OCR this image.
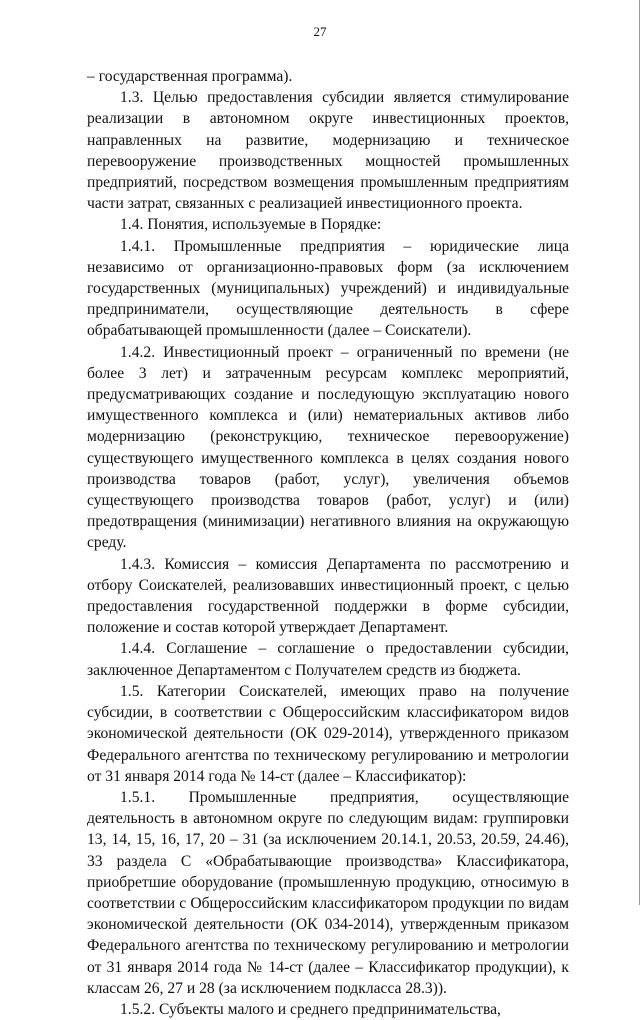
27

– государственная программа).

1.3. Целью предоставления субсидии является стимулирование реализации в автономном округе инвестиционных проектов, направленных на развитие, модернизацию и техническое перевооружение производственных мощностей промышленных предприятий, посредством возмещения промышленным предприятиям части затрат, связанных с реализацией инвестиционного проекта.

1.4. Понятия, используемые в Порядке:

1.4.1. Промышленные предприятия – юридические лица независимо от организационно-правовых форм (за исключением государственных (муниципальных) учреждений) и индивидуальные предприниматели, осуществляющие деятельность в сфере обрабатывающей промышленности (далее – Соискатели).

1.4.2. Инвестиционный проект – ограниченный по времени (не более 3 лет) и затраченным ресурсам комплекс мероприятий, предусматривающих создание и последующую эксплуатацию нового имущественного комплекса и (или) нематериальных активов либо модернизацию (реконструкцию, техническое перевооружение) существующего имущественного комплекса в целях создания нового производства товаров (работ, услуг), увеличения объемов существующего производства товаров (работ, услуг) и (или) предотвращения (минимизации) негативного влияния на окружающую среду.

1.4.3. Комиссия – комиссия Департамента по рассмотрению и отбору Соискателей, реализовавших инвестиционный проект, с целью предоставления государственной поддержки в форме субсидии, положение и состав которой утверждает Департамент.

1.4.4. Соглашение – соглашение о предоставлении субсидии, заключенное Департаментом с Получателем средств из бюджета.

1.5. Категории Соискателей, имеющих право на получение субсидии, в соответствии с Общероссийским классификатором видов экономической деятельности (ОК 029-2014), утвержденного приказом Федерального агентства по техническому регулированию и метрологии от 31 января 2014 года № 14-ст (далее – Классификатор):

1.5.1. Промышленные предприятия, осуществляющие деятельность в автономном округе по следующим видам: группировки 13, 14, 15, 16, 17, 20 – 31 (за исключением 20.14.1, 20.53, 20.59, 24.46), 33 раздела С «Обрабатывающие производства» Классификатора, приобретшие оборудование (промышленную продукцию, относимую в соответствии с Общероссийским классификатором продукции по видам экономической деятельности (ОК 034-2014), утвержденным приказом Федерального агентства по техническому регулированию и метрологии от 31 января 2014 года № 14-ст (далее – Классификатор продукции), к классам 26, 27 и 28 (за исключением подкласса 28.3)).

1.5.2. Субъекты малого и среднего предпринимательства,
